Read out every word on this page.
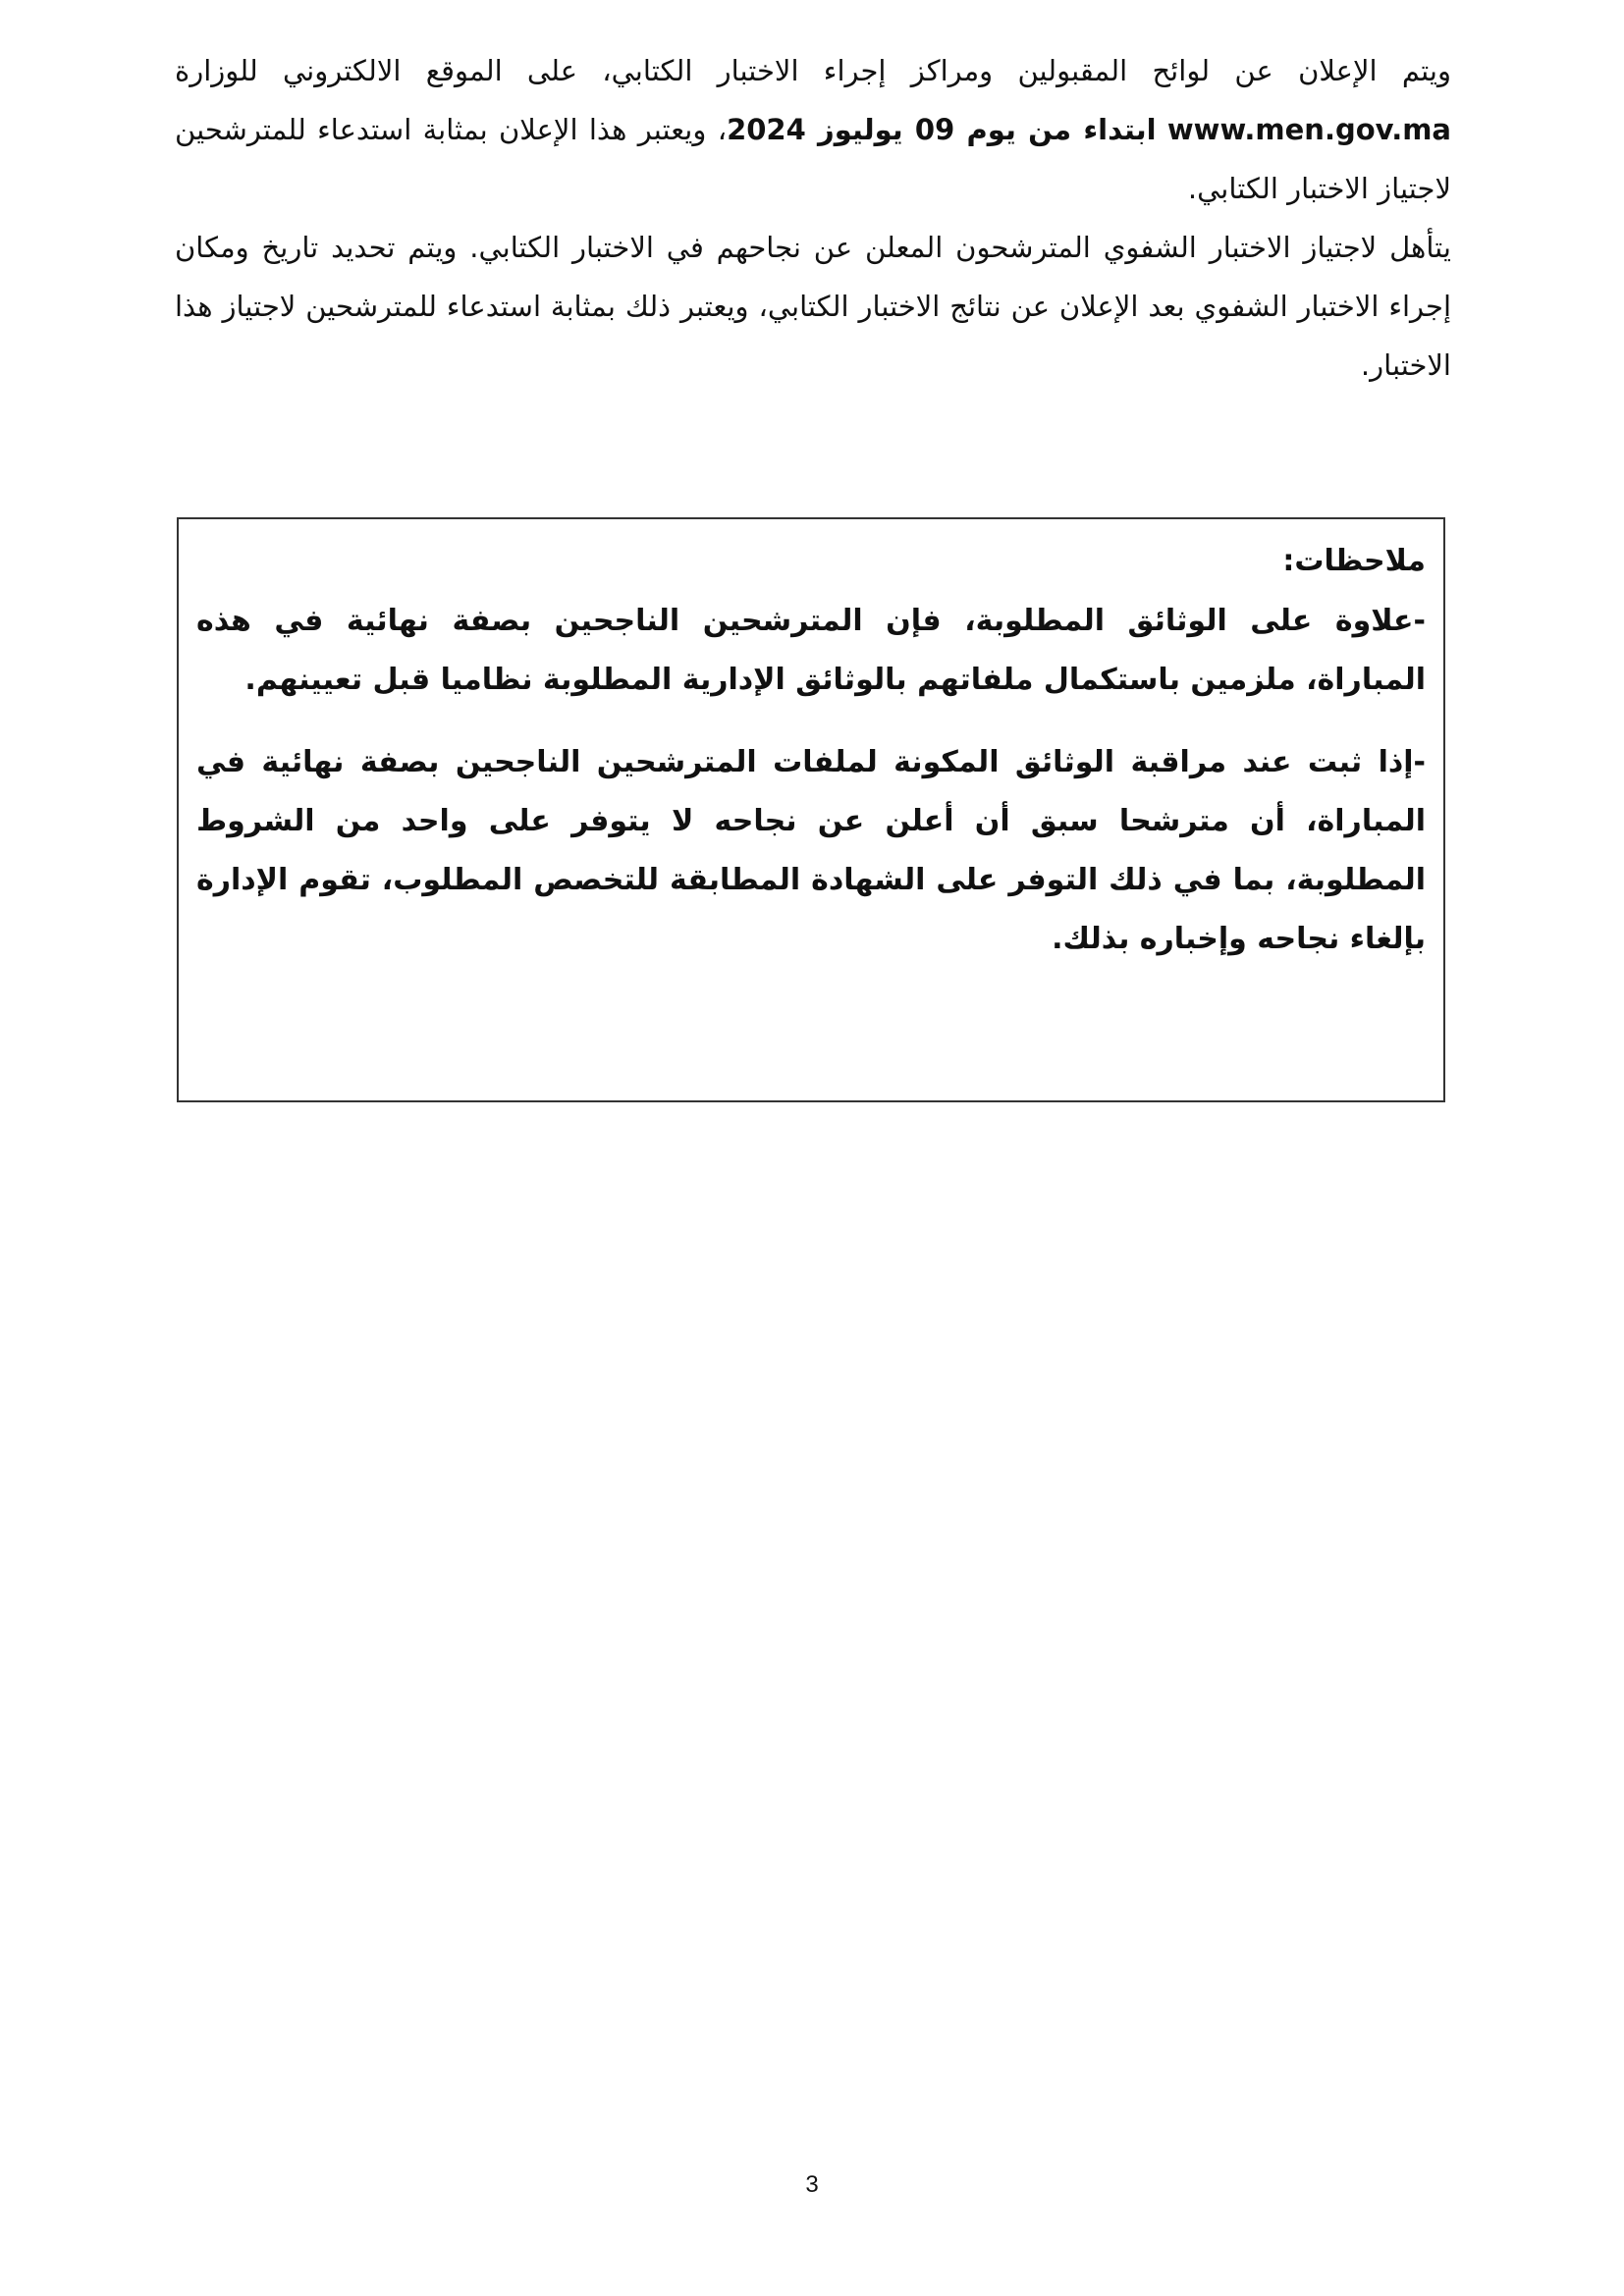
ويتم الإعلان عن لوائح المقبولين ومراكز إجراء الاختبار الكتابي، على الموقع الالكتروني للوزارة www.men.gov.ma ابتداء من يوم 09 يوليوز 2024، ويعتبر هذا الإعلان بمثابة استدعاء للمترشحين لاجتياز الاختبار الكتابي.

يتأهل لاجتياز الاختبار الشفوي المترشحون المعلن عن نجاحهم في الاختبار الكتابي. ويتم تحديد تاريخ ومكان إجراء الاختبار الشفوي بعد الإعلان عن نتائج الاختبار الكتابي، ويعتبر ذلك بمثابة استدعاء للمترشحين لاجتياز هذا الاختبار.

ملاحظات:

-علاوة على الوثائق المطلوبة، فإن المترشحين الناجحين بصفة نهائية في هذه المباراة، ملزمين باستكمال ملفاتهم بالوثائق الإدارية المطلوبة نظاميا قبل تعيينهم.

-إذا ثبت عند مراقبة الوثائق المكونة لملفات المترشحين الناجحين بصفة نهائية في المباراة، أن مترشحا سبق أن أعلن عن نجاحه لا يتوفر على واحد من الشروط المطلوبة، بما في ذلك التوفر على الشهادة المطابقة للتخصص المطلوب، تقوم الإدارة بإلغاء نجاحه وإخباره بذلك.

3
